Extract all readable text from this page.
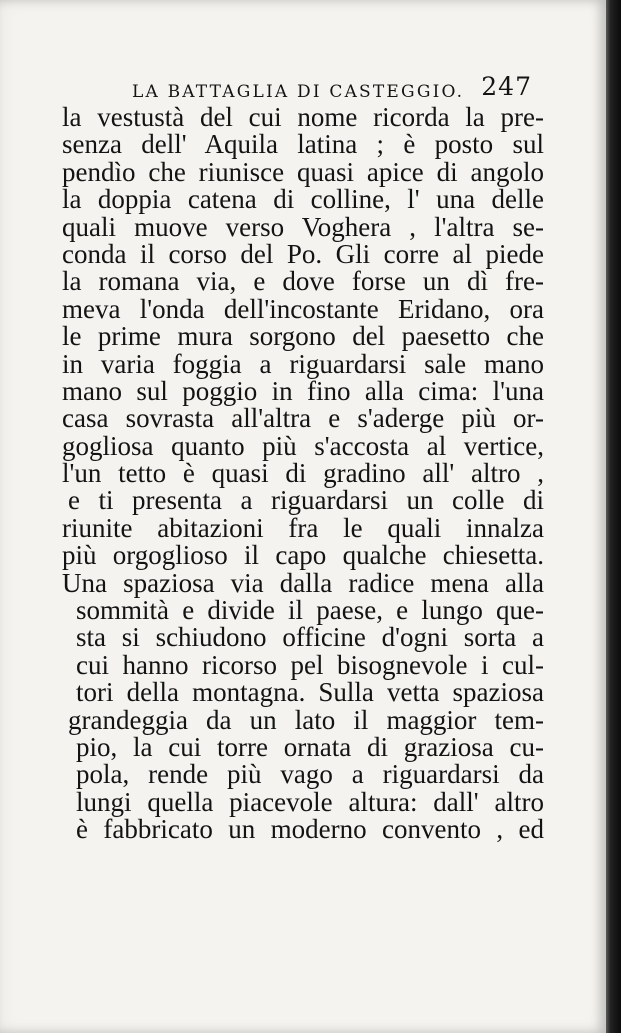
LA BATTAGLIA DI CASTEGGIO. 247
la vestustà del cui nome ricorda la pre-
senza dell' Aquila latina ; è posto sul
pendìo che riunisce quasi apice di angolo
la doppia catena di colline, l' una delle
quali muove verso Voghera , l'altra se-
conda il corso del Po. Gli corre al piede
la romana via, e dove forse un dì fre-
meva l'onda dell'incostante Eridano, ora
le prime mura sorgono del paesetto che
in varia foggia a riguardarsi sale mano
mano sul poggio in fino alla cima: l'una
casa sovrasta all'altra e s'aderge più or-
gogliosa quanto più s'accosta al vertice,
l'un tetto è quasi di gradino all' altro ,
e ti presenta a riguardarsi un colle di
riunite abitazioni fra le quali innalza
più orgoglioso il capo qualche chiesetta.
Una spaziosa via dalla radice mena alla
sommità e divide il paese, e lungo que-
sta si schiudono officine d'ogni sorta a
cui hanno ricorso pel bisognevole i cul-
tori della montagna. Sulla vetta spaziosa
grandeggia da un lato il maggior tem-
pio, la cui torre ornata di graziosa cu-
pola, rende più vago a riguardarsi da
lungi quella piacevole altura: dall' altro
è fabbricato un moderno convento , ed
